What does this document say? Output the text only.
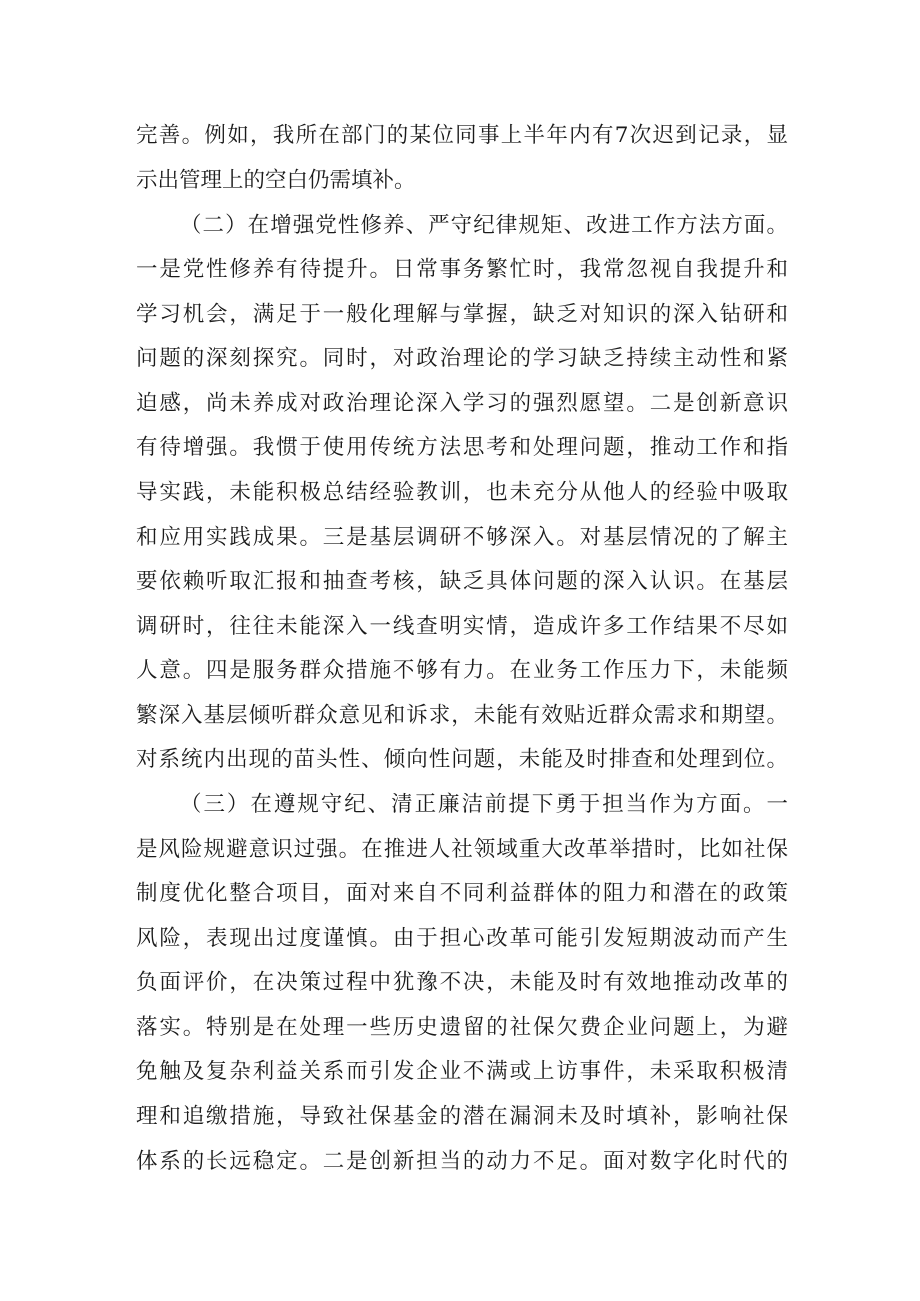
完善。例如，我所在部门的某位同事上半年内有7次迟到记录，显
示出管理上的空白仍需填补。
（二）在增强党性修养、严守纪律规矩、改进工作方法方面。
一是党性修养有待提升。日常事务繁忙时，我常忽视自我提升和
学习机会，满足于一般化理解与掌握，缺乏对知识的深入钻研和
问题的深刻探究。同时，对政治理论的学习缺乏持续主动性和紧
迫感，尚未养成对政治理论深入学习的强烈愿望。二是创新意识
有待增强。我惯于使用传统方法思考和处理问题，推动工作和指
导实践，未能积极总结经验教训，也未充分从他人的经验中吸取
和应用实践成果。三是基层调研不够深入。对基层情况的了解主
要依赖听取汇报和抽查考核，缺乏具体问题的深入认识。在基层
调研时，往往未能深入一线查明实情，造成许多工作结果不尽如
人意。四是服务群众措施不够有力。在业务工作压力下，未能频
繁深入基层倾听群众意见和诉求，未能有效贴近群众需求和期望。
对系统内出现的苗头性、倾向性问题，未能及时排查和处理到位。
（三）在遵规守纪、清正廉洁前提下勇于担当作为方面。一
是风险规避意识过强。在推进人社领域重大改革举措时，比如社保
制度优化整合项目，面对来自不同利益群体的阻力和潜在的政策
风险，表现出过度谨慎。由于担心改革可能引发短期波动而产生
负面评价，在决策过程中犹豫不决，未能及时有效地推动改革的
落实。特别是在处理一些历史遗留的社保欠费企业问题上，为避
免触及复杂利益关系而引发企业不满或上访事件，未采取积极清
理和追缴措施，导致社保基金的潜在漏洞未及时填补，影响社保
体系的长远稳定。二是创新担当的动力不足。面对数字化时代的
